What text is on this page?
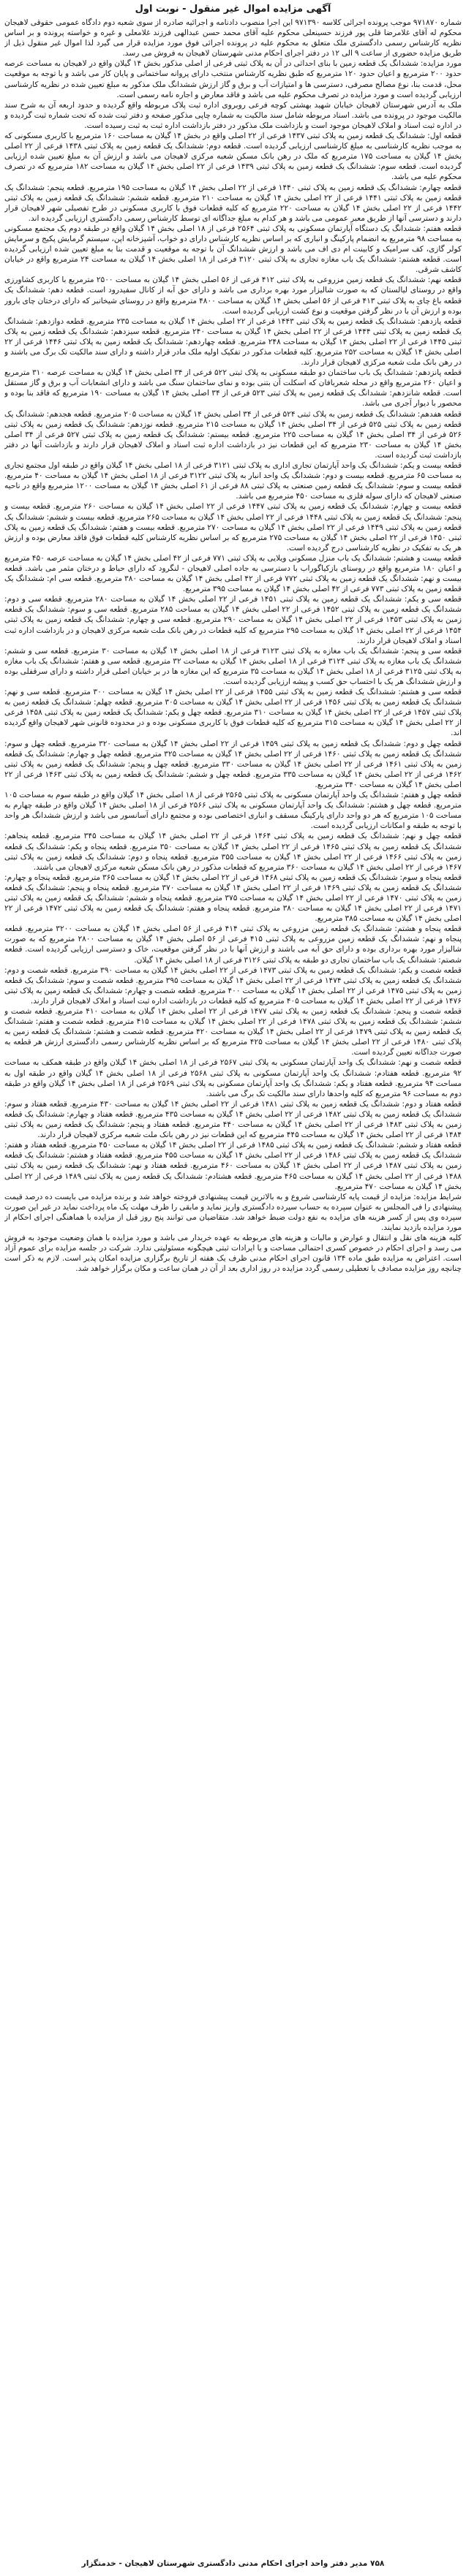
آگهی مزایده اموال غیر منقول - نوبت اول

شماره ۹۷۱۸۷۰ موجب پرونده اجرائی کلاسه ۹۷۱۳۹۰ این اجرا منصوب دادنامه و اجرائیه صادره از سوی شعبه دوم دادگاه عمومی حقوقی لاهیجان محکوم له آقای غلامرضا قلی پور فرزند حسینعلی محکوم علیه آقای محمد حسن عبدالهی فرزند غلامعلی و غیره و خواسته پرونده و بر اساس نظریه کارشناس رسمی دادگستری ملک متعلق به محکوم علیه در پرونده اجرائی فوق مورد مزایده قرار می گیرد لذا اموال غیر منقول ذیل از طریق مزایده حضوری از ساعت ۹ الی ۱۲ در دفتر اجرای احکام مدنی شهرستان لاهیجان به فروش می رسد.

مورد مزایده: ششدانگ یک قطعه زمین با بنای احداثی در آن به پلاک ثبتی فرعی از اصلی مذکور بخش ۱۴ گیلان واقع در لاهیجان به مساحت عرصه حدود ۲۰۰ مترمربع و اعیان حدود ۱۲۰ مترمربع که طبق نظریه کارشناس منتخب دارای پروانه ساختمانی و پایان کار می باشد و با توجه به موقعیت محل، قدمت بنا، نوع مصالح مصرفی، دسترسی ها و امتیازات آب و برق و گاز ارزش ششدانگ ملک مذکور به مبلغ تعیین شده در نظریه کارشناسی ارزیابی گردیده است و مورد مزایده در تصرف محکوم علیه می باشد و فاقد معارض و اجاره نامه رسمی است.

ملک به آدرس شهرستان لاهیجان خیابان شهید بهشتی کوچه فرعی روبروی اداره ثبت پلاک مربوطه واقع گردیده و حدود اربعه آن به شرح سند مالکیت موجود در پرونده می باشد. اسناد مربوطه شامل سند مالکیت به شماره چاپی مذکور صفحه و دفتر ثبت شده که تحت شماره ثبت گردیده و در اداره ثبت اسناد و املاک لاهیجان موجود است و بازداشت ملک مذکور در دفتر بازداشت اداره ثبت به ثبت رسیده است.

قطعه اول: ششدانگ یک قطعه زمین به پلاک ثبتی ۱۴۳۷ فرعی از ۲۲ اصلی واقع در بخش ۱۴ گیلان به مساحت ۱۶۰ مترمربع با کاربری مسکونی که به موجب نظریه کارشناسی به مبلغ کارشناسی ارزیابی گردیده است. قطعه دوم: ششدانگ یک قطعه زمین به پلاک ثبتی ۱۴۳۸ فرعی از ۲۲ اصلی بخش ۱۴ گیلان به مساحت ۱۷۵ مترمربع که ملک در رهن بانک مسکن شعبه مرکزی لاهیجان می باشد و ارزش آن به مبلغ تعیین شده ارزیابی گردیده است. قطعه سوم: ششدانگ یک قطعه زمین به پلاک ثبتی ۱۴۳۹ فرعی از ۲۲ اصلی بخش ۱۴ گیلان به مساحت ۱۸۲ مترمربع که در تصرف محکوم علیه می باشد.

قطعه چهارم: ششدانگ یک قطعه زمین به پلاک ثبتی ۱۴۴۰ فرعی از ۲۲ اصلی بخش ۱۴ گیلان به مساحت ۱۹۵ مترمربع. قطعه پنجم: ششدانگ یک قطعه زمین به پلاک ثبتی ۱۴۴۱ فرعی از ۲۲ اصلی بخش ۱۴ گیلان به مساحت ۲۱۰ مترمربع. قطعه ششم: ششدانگ یک قطعه زمین به پلاک ثبتی ۱۴۴۲ فرعی از ۲۲ اصلی بخش ۱۴ گیلان به مساحت ۲۲۰ مترمربع که کلیه قطعات فوق با کاربری مسکونی در طرح تفصیلی شهر لاهیجان قرار دارند و دسترسی آنها از طریق معبر عمومی می باشد و هر کدام به مبلغ جداگانه ای توسط کارشناس رسمی دادگستری ارزیابی گردیده اند.

قطعه هفتم: ششدانگ یک دستگاه آپارتمان مسکونی به پلاک ثبتی ۲۵۶۴ فرعی از ۱۸ اصلی بخش ۱۴ گیلان واقع در طبقه دوم یک مجتمع مسکونی به مساحت ۹۸ مترمربع به انضمام پارکینگ و انباری که بر اساس نظریه کارشناس دارای دو خواب، آشپزخانه اپن، سیستم گرمایش پکیج و سرمایش کولر گازی، کف سرامیک و کابینت ام دی اف می باشد و ارزش ششدانگ آن با توجه به موقعیت و قدمت بنا به مبلغ تعیین شده ارزیابی گردیده است. قطعه هشتم: ششدانگ یک باب مغازه تجاری به پلاک ثبتی ۳۱۲۰ فرعی از ۱۸ اصلی بخش ۱۴ گیلان به مساحت ۲۴ مترمربع واقع در خیابان کاشف شرقی.

قطعه نهم: ششدانگ یک قطعه زمین مزروعی به پلاک ثبتی ۴۱۲ فرعی از ۵۶ اصلی بخش ۱۴ گیلان به مساحت ۲۵۰۰ مترمربع با کاربری کشاورزی واقع در روستای لیالستان که به صورت شالیزار مورد بهره برداری می باشد و دارای حق آبه از کانال سفیدرود است. قطعه دهم: ششدانگ یک قطعه باغ چای به پلاک ثبتی ۴۱۳ فرعی از ۵۶ اصلی بخش ۱۴ گیلان به مساحت ۴۸۰۰ مترمربع واقع در روستای شیخانبر که دارای درختان چای بارور بوده و ارزش آن با در نظر گرفتن موقعیت و نوع کشت ارزیابی گردیده است.

قطعه یازدهم: ششدانگ یک قطعه زمین به پلاک ثبتی ۱۴۴۳ فرعی از ۲۲ اصلی بخش ۱۴ گیلان به مساحت ۲۳۵ مترمربع. قطعه دوازدهم: ششدانگ یک قطعه زمین به پلاک ثبتی ۱۴۴۴ فرعی از ۲۲ اصلی بخش ۱۴ گیلان به مساحت ۲۴۰ مترمربع. قطعه سیزدهم: ششدانگ یک قطعه زمین به پلاک ثبتی ۱۴۴۵ فرعی از ۲۲ اصلی بخش ۱۴ گیلان به مساحت ۲۴۸ مترمربع. قطعه چهاردهم: ششدانگ یک قطعه زمین به پلاک ثبتی ۱۴۴۶ فرعی از ۲۲ اصلی بخش ۱۴ گیلان به مساحت ۲۵۲ مترمربع. کلیه قطعات مذکور در تفکیک اولیه ملک مادر قرار داشته و دارای سند مالکیت تک برگ می باشند و در رهن بانک ملت شعبه مرکزی لاهیجان قرار دارند.

قطعه پانزدهم: ششدانگ یک باب ساختمان دو طبقه مسکونی به پلاک ثبتی ۵۲۲ فرعی از ۳۴ اصلی بخش ۱۴ گیلان به مساحت عرصه ۳۱۰ مترمربع و اعیان ۲۶۰ مترمربع واقع در محله شعربافان که اسکلت آن بتنی بوده و نمای ساختمان سنگ می باشد و دارای انشعابات آب و برق و گاز مستقل است. قطعه شانزدهم: ششدانگ یک قطعه زمین به پلاک ثبتی ۵۲۳ فرعی از ۳۴ اصلی بخش ۱۴ گیلان به مساحت ۱۹۰ مترمربع که فاقد بنا بوده و محصور با دیوار آجری می باشد.

قطعه هفدهم: ششدانگ یک قطعه زمین به پلاک ثبتی ۵۲۴ فرعی از ۳۴ اصلی بخش ۱۴ گیلان به مساحت ۲۰۵ مترمربع. قطعه هجدهم: ششدانگ یک قطعه زمین به پلاک ثبتی ۵۲۵ فرعی از ۳۴ اصلی بخش ۱۴ گیلان به مساحت ۲۱۵ مترمربع. قطعه نوزدهم: ششدانگ یک قطعه زمین به پلاک ثبتی ۵۲۶ فرعی از ۳۴ اصلی بخش ۱۴ گیلان به مساحت ۲۲۵ مترمربع. قطعه بیستم: ششدانگ یک قطعه زمین به پلاک ثبتی ۵۲۷ فرعی از ۳۴ اصلی بخش ۱۴ گیلان به مساحت ۲۳۰ مترمربع که این قطعات نیز در بازداشت اداره ثبت اسناد و املاک لاهیجان قرار دارند و بازداشت آنها در دفتر بازداشت ثبت گردیده است.

قطعه بیست و یکم: ششدانگ یک واحد آپارتمان تجاری اداری به پلاک ثبتی ۳۱۲۱ فرعی از ۱۸ اصلی بخش ۱۴ گیلان واقع در طبقه اول مجتمع تجاری به مساحت ۶۵ مترمربع. قطعه بیست و دوم: ششدانگ یک واحد انبار به پلاک ثبتی ۳۱۲۲ فرعی از ۱۸ اصلی بخش ۱۴ گیلان به مساحت ۴۰ مترمربع. قطعه بیست و سوم: ششدانگ یک قطعه زمین صنعتی به پلاک ثبتی ۸۸ فرعی از ۶۱ اصلی بخش ۱۴ گیلان به مساحت ۱۲۰۰ مترمربع واقع در ناحیه صنعتی لاهیجان که دارای سوله فلزی به مساحت ۴۵۰ مترمربع می باشد.

قطعه بیست و چهارم: ششدانگ یک قطعه زمین به پلاک ثبتی ۱۴۴۷ فرعی از ۲۲ اصلی بخش ۱۴ گیلان به مساحت ۲۶۰ مترمربع. قطعه بیست و پنجم: ششدانگ یک قطعه زمین به پلاک ثبتی ۱۴۴۸ فرعی از ۲۲ اصلی بخش ۱۴ گیلان به مساحت ۲۶۵ مترمربع. قطعه بیست و ششم: ششدانگ یک قطعه زمین به پلاک ثبتی ۱۴۴۹ فرعی از ۲۲ اصلی بخش ۱۴ گیلان به مساحت ۲۷۰ مترمربع. قطعه بیست و هفتم: ششدانگ یک قطعه زمین به پلاک ثبتی ۱۴۵۰ فرعی از ۲۲ اصلی بخش ۱۴ گیلان به مساحت ۲۷۵ مترمربع که بر اساس نظریه کارشناس کلیه قطعات فوق فاقد معارض بوده و ارزش هر یک به تفکیک در نظریه کارشناسی درج گردیده است.

قطعه بیست و هشتم: ششدانگ یک باب منزل مسکونی ویلایی به پلاک ثبتی ۷۷۱ فرعی از ۴۲ اصلی بخش ۱۴ گیلان به مساحت عرصه ۴۵۰ مترمربع و اعیان ۱۸۰ مترمربع واقع در روستای بازکیاگوراب با دسترسی به جاده اصلی لاهیجان - لنگرود که دارای حیاط و درختان مثمر می باشد. قطعه بیست و نهم: ششدانگ یک قطعه زمین به پلاک ثبتی ۷۷۲ فرعی از ۴۲ اصلی بخش ۱۴ گیلان به مساحت ۳۸۰ مترمربع. قطعه سی ام: ششدانگ یک قطعه زمین به پلاک ثبتی ۷۷۳ فرعی از ۴۲ اصلی بخش ۱۴ گیلان به مساحت ۳۹۵ مترمربع.

قطعه سی و یکم: ششدانگ یک قطعه زمین به پلاک ثبتی ۱۴۵۱ فرعی از ۲۲ اصلی بخش ۱۴ گیلان به مساحت ۲۸۰ مترمربع. قطعه سی و دوم: ششدانگ یک قطعه زمین به پلاک ثبتی ۱۴۵۲ فرعی از ۲۲ اصلی بخش ۱۴ گیلان به مساحت ۲۸۵ مترمربع. قطعه سی و سوم: ششدانگ یک قطعه زمین به پلاک ثبتی ۱۴۵۳ فرعی از ۲۲ اصلی بخش ۱۴ گیلان به مساحت ۲۹۰ مترمربع. قطعه سی و چهارم: ششدانگ یک قطعه زمین به پلاک ثبتی ۱۴۵۴ فرعی از ۲۲ اصلی بخش ۱۴ گیلان به مساحت ۲۹۵ مترمربع که کلیه قطعات در رهن بانک ملت شعبه مرکزی لاهیجان و در بازداشت اداره ثبت اسناد و املاک لاهیجان قرار دارند.

قطعه سی و پنجم: ششدانگ یک باب مغازه به پلاک ثبتی ۳۱۲۳ فرعی از ۱۸ اصلی بخش ۱۴ گیلان به مساحت ۳۰ مترمربع. قطعه سی و ششم: ششدانگ یک باب مغازه به پلاک ثبتی ۳۱۲۴ فرعی از ۱۸ اصلی بخش ۱۴ گیلان به مساحت ۳۲ مترمربع. قطعه سی و هفتم: ششدانگ یک باب مغازه به پلاک ثبتی ۳۱۲۵ فرعی از ۱۸ اصلی بخش ۱۴ گیلان به مساحت ۳۵ مترمربع که این مغازه ها در بر خیابان اصلی قرار داشته و دارای سرقفلی بوده و ارزش ششدانگ هر یک با احتساب حق کسب و پیشه ارزیابی گردیده است.

قطعه سی و هشتم: ششدانگ یک قطعه زمین به پلاک ثبتی ۱۴۵۵ فرعی از ۲۲ اصلی بخش ۱۴ گیلان به مساحت ۳۰۰ مترمربع. قطعه سی و نهم: ششدانگ یک قطعه زمین به پلاک ثبتی ۱۴۵۶ فرعی از ۲۲ اصلی بخش ۱۴ گیلان به مساحت ۳۰۵ مترمربع. قطعه چهلم: ششدانگ یک قطعه زمین به پلاک ثبتی ۱۴۵۷ فرعی از ۲۲ اصلی بخش ۱۴ گیلان به مساحت ۳۱۰ مترمربع. قطعه چهل و یکم: ششدانگ یک قطعه زمین به پلاک ثبتی ۱۴۵۸ فرعی از ۲۲ اصلی بخش ۱۴ گیلان به مساحت ۳۱۵ مترمربع که کلیه قطعات فوق با کاربری مسکونی بوده و در محدوده قانونی شهر لاهیجان واقع گردیده اند.

قطعه چهل و دوم: ششدانگ یک قطعه زمین به پلاک ثبتی ۱۴۵۹ فرعی از ۲۲ اصلی بخش ۱۴ گیلان به مساحت ۳۲۰ مترمربع. قطعه چهل و سوم: ششدانگ یک قطعه زمین به پلاک ثبتی ۱۴۶۰ فرعی از ۲۲ اصلی بخش ۱۴ گیلان به مساحت ۳۲۵ مترمربع. قطعه چهل و چهارم: ششدانگ یک قطعه زمین به پلاک ثبتی ۱۴۶۱ فرعی از ۲۲ اصلی بخش ۱۴ گیلان به مساحت ۳۳۰ مترمربع. قطعه چهل و پنجم: ششدانگ یک قطعه زمین به پلاک ثبتی ۱۴۶۲ فرعی از ۲۲ اصلی بخش ۱۴ گیلان به مساحت ۳۳۵ مترمربع. قطعه چهل و ششم: ششدانگ یک قطعه زمین به پلاک ثبتی ۱۴۶۳ فرعی از ۲۲ اصلی بخش ۱۴ گیلان به مساحت ۳۴۰ مترمربع.

قطعه چهل و هفتم: ششدانگ یک واحد آپارتمان مسکونی به پلاک ثبتی ۲۵۶۵ فرعی از ۱۸ اصلی بخش ۱۴ گیلان واقع در طبقه سوم به مساحت ۱۰۵ مترمربع. قطعه چهل و هشتم: ششدانگ یک واحد آپارتمان مسکونی به پلاک ثبتی ۲۵۶۶ فرعی از ۱۸ اصلی بخش ۱۴ گیلان واقع در طبقه چهارم به مساحت ۱۰۵ مترمربع که هر دو واحد دارای پارکینگ مسقف و انباری اختصاصی بوده و مجتمع دارای آسانسور می باشد و ارزش ششدانگ هر واحد با توجه به طبقه و امکانات ارزیابی گردیده است.

قطعه چهل و نهم: ششدانگ یک قطعه زمین به پلاک ثبتی ۱۴۶۴ فرعی از ۲۲ اصلی بخش ۱۴ گیلان به مساحت ۳۴۵ مترمربع. قطعه پنجاهم: ششدانگ یک قطعه زمین به پلاک ثبتی ۱۴۶۵ فرعی از ۲۲ اصلی بخش ۱۴ گیلان به مساحت ۳۵۰ مترمربع. قطعه پنجاه و یکم: ششدانگ یک قطعه زمین به پلاک ثبتی ۱۴۶۶ فرعی از ۲۲ اصلی بخش ۱۴ گیلان به مساحت ۳۵۵ مترمربع. قطعه پنجاه و دوم: ششدانگ یک قطعه زمین به پلاک ثبتی ۱۴۶۷ فرعی از ۲۲ اصلی بخش ۱۴ گیلان به مساحت ۳۶۰ مترمربع که قطعات مذکور در رهن بانک مسکن شعبه مرکزی لاهیجان می باشند.

قطعه پنجاه و سوم: ششدانگ یک قطعه زمین به پلاک ثبتی ۱۴۶۸ فرعی از ۲۲ اصلی بخش ۱۴ گیلان به مساحت ۳۶۵ مترمربع. قطعه پنجاه و چهارم: ششدانگ یک قطعه زمین به پلاک ثبتی ۱۴۶۹ فرعی از ۲۲ اصلی بخش ۱۴ گیلان به مساحت ۳۷۰ مترمربع. قطعه پنجاه و پنجم: ششدانگ یک قطعه زمین به پلاک ثبتی ۱۴۷۰ فرعی از ۲۲ اصلی بخش ۱۴ گیلان به مساحت ۳۷۵ مترمربع. قطعه پنجاه و ششم: ششدانگ یک قطعه زمین به پلاک ثبتی ۱۴۷۱ فرعی از ۲۲ اصلی بخش ۱۴ گیلان به مساحت ۳۸۰ مترمربع. قطعه پنجاه و هفتم: ششدانگ یک قطعه زمین به پلاک ثبتی ۱۴۷۲ فرعی از ۲۲ اصلی بخش ۱۴ گیلان به مساحت ۳۸۵ مترمربع.

قطعه پنجاه و هشتم: ششدانگ یک قطعه زمین مزروعی به پلاک ثبتی ۴۱۴ فرعی از ۵۶ اصلی بخش ۱۴ گیلان به مساحت ۳۲۰۰ مترمربع. قطعه پنجاه و نهم: ششدانگ یک قطعه زمین مزروعی به پلاک ثبتی ۴۱۵ فرعی از ۵۶ اصلی بخش ۱۴ گیلان به مساحت ۲۸۰۰ مترمربع که به صورت شالیزار مورد بهره برداری بوده و دارای حق آبه می باشند و ارزش آنها با در نظر گرفتن موقعیت، خاک و دسترسی ارزیابی گردیده است. قطعه شصتم: ششدانگ یک باب ساختمان تجاری دو طبقه به پلاک ثبتی ۳۱۲۶ فرعی از ۱۸ اصلی بخش ۱۴ گیلان.

قطعه شصت و یکم: ششدانگ یک قطعه زمین به پلاک ثبتی ۱۴۷۳ فرعی از ۲۲ اصلی بخش ۱۴ گیلان به مساحت ۳۹۰ مترمربع. قطعه شصت و دوم: ششدانگ یک قطعه زمین به پلاک ثبتی ۱۴۷۴ فرعی از ۲۲ اصلی بخش ۱۴ گیلان به مساحت ۳۹۵ مترمربع. قطعه شصت و سوم: ششدانگ یک قطعه زمین به پلاک ثبتی ۱۴۷۵ فرعی از ۲۲ اصلی بخش ۱۴ گیلان به مساحت ۴۰۰ مترمربع. قطعه شصت و چهارم: ششدانگ یک قطعه زمین به پلاک ثبتی ۱۴۷۶ فرعی از ۲۲ اصلی بخش ۱۴ گیلان به مساحت ۴۰۵ مترمربع که کلیه قطعات در بازداشت اداره ثبت اسناد و املاک لاهیجان قرار دارند.

قطعه شصت و پنجم: ششدانگ یک قطعه زمین به پلاک ثبتی ۱۴۷۷ فرعی از ۲۲ اصلی بخش ۱۴ گیلان به مساحت ۴۱۰ مترمربع. قطعه شصت و ششم: ششدانگ یک قطعه زمین به پلاک ثبتی ۱۴۷۸ فرعی از ۲۲ اصلی بخش ۱۴ گیلان به مساحت ۴۱۵ مترمربع. قطعه شصت و هفتم: ششدانگ یک قطعه زمین به پلاک ثبتی ۱۴۷۹ فرعی از ۲۲ اصلی بخش ۱۴ گیلان به مساحت ۴۲۰ مترمربع. قطعه شصت و هشتم: ششدانگ یک قطعه زمین به پلاک ثبتی ۱۴۸۰ فرعی از ۲۲ اصلی بخش ۱۴ گیلان به مساحت ۴۲۵ مترمربع که بر اساس نظریه کارشناس رسمی دادگستری ارزش هر قطعه به صورت جداگانه تعیین گردیده است.

قطعه شصت و نهم: ششدانگ یک واحد آپارتمان مسکونی به پلاک ثبتی ۲۵۶۷ فرعی از ۱۸ اصلی بخش ۱۴ گیلان واقع در طبقه همکف به مساحت ۹۲ مترمربع. قطعه هفتادم: ششدانگ یک واحد آپارتمان مسکونی به پلاک ثبتی ۲۵۶۸ فرعی از ۱۸ اصلی بخش ۱۴ گیلان واقع در طبقه اول به مساحت ۹۴ مترمربع. قطعه هفتاد و یکم: ششدانگ یک واحد آپارتمان مسکونی به پلاک ثبتی ۲۵۶۹ فرعی از ۱۸ اصلی بخش ۱۴ گیلان واقع در طبقه دوم به مساحت ۹۶ مترمربع که کلیه واحدها دارای سند مالکیت تک برگ می باشند.

قطعه هفتاد و دوم: ششدانگ یک قطعه زمین به پلاک ثبتی ۱۴۸۱ فرعی از ۲۲ اصلی بخش ۱۴ گیلان به مساحت ۴۳۰ مترمربع. قطعه هفتاد و سوم: ششدانگ یک قطعه زمین به پلاک ثبتی ۱۴۸۲ فرعی از ۲۲ اصلی بخش ۱۴ گیلان به مساحت ۴۳۵ مترمربع. قطعه هفتاد و چهارم: ششدانگ یک قطعه زمین به پلاک ثبتی ۱۴۸۳ فرعی از ۲۲ اصلی بخش ۱۴ گیلان به مساحت ۴۴۰ مترمربع. قطعه هفتاد و پنجم: ششدانگ یک قطعه زمین به پلاک ثبتی ۱۴۸۴ فرعی از ۲۲ اصلی بخش ۱۴ گیلان به مساحت ۴۴۵ مترمربع که این قطعات نیز در رهن بانک ملت شعبه مرکزی لاهیجان قرار دارند.

قطعه هفتاد و ششم: ششدانگ یک قطعه زمین به پلاک ثبتی ۱۴۸۵ فرعی از ۲۲ اصلی بخش ۱۴ گیلان به مساحت ۴۵۰ مترمربع. قطعه هفتاد و هفتم: ششدانگ یک قطعه زمین به پلاک ثبتی ۱۴۸۶ فرعی از ۲۲ اصلی بخش ۱۴ گیلان به مساحت ۴۵۵ مترمربع. قطعه هفتاد و هشتم: ششدانگ یک قطعه زمین به پلاک ثبتی ۱۴۸۷ فرعی از ۲۲ اصلی بخش ۱۴ گیلان به مساحت ۴۶۰ مترمربع. قطعه هفتاد و نهم: ششدانگ یک قطعه زمین به پلاک ثبتی ۱۴۸۸ فرعی از ۲۲ اصلی بخش ۱۴ گیلان به مساحت ۴۶۵ مترمربع. قطعه هشتادم: ششدانگ یک قطعه زمین به پلاک ثبتی ۱۴۸۹ فرعی از ۲۲ اصلی بخش ۱۴ گیلان به مساحت ۴۷۰ مترمربع.

شرایط مزایده: مزایده از قیمت پایه کارشناسی شروع و به بالاترین قیمت پیشنهادی فروخته خواهد شد و برنده مزایده می بایست ده درصد قیمت پیشنهادی را فی المجلس به عنوان سپرده به حساب سپرده دادگستری واریز نماید و مابقی را ظرف مهلت یک ماه پرداخت نماید در غیر این صورت سپرده وی پس از کسر هزینه های مزایده به نفع دولت ضبط خواهد شد. متقاضیان می توانند پنج روز قبل از مزایده با هماهنگی اجرای احکام از مورد مزایده بازدید نمایند.

کلیه هزینه های نقل و انتقال و عوارض و مالیات و هزینه های مربوطه به عهده خریدار می باشد و مورد مزایده با همان وضعیت موجود به فروش می رسد و اجرای احکام در خصوص کسری احتمالی مساحت و یا ایرادات ثبتی هیچگونه مسئولیتی ندارد. شرکت در جلسه مزایده برای عموم آزاد است. اعتراض به مزایده طبق ماده ۱۳۴ قانون اجرای احکام مدنی ظرف یک هفته از تاریخ برگزاری مزایده امکان پذیر است. لازم به ذکر است چنانچه روز مزایده مصادف با تعطیلی رسمی گردد مزایده در روز اداری بعد از آن در همان ساعت و مکان برگزار خواهد شد.

۷۵۸ مدیر دفتر واحد اجرای احکام مدنی دادگستری شهرستان لاهیجان - خدمتگزار
